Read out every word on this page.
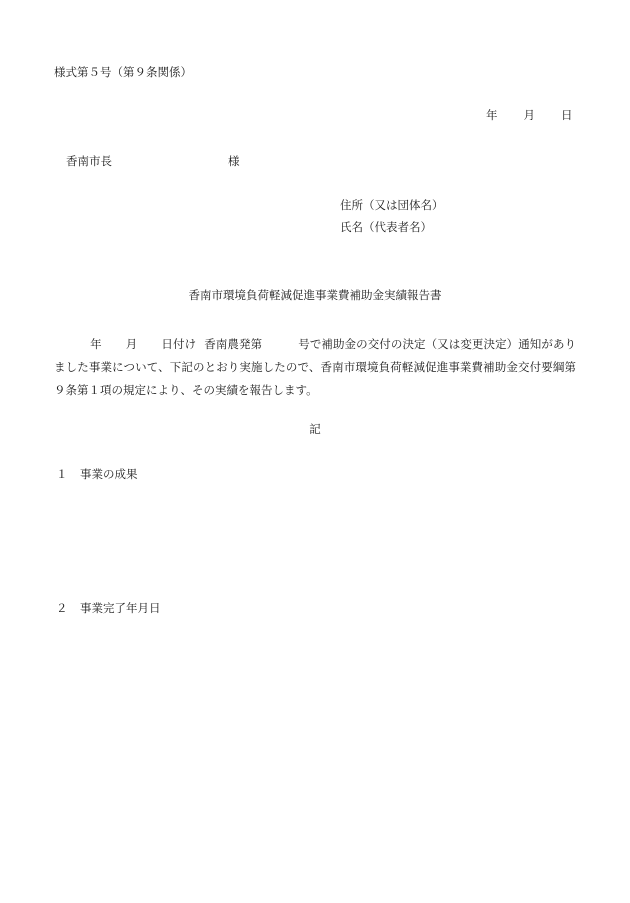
様式第５号（第９条関係）
年 月 日
香南市長	様
住所（又は団体名）
氏名（代表者名）
香南市環境負荷軽減促進事業費補助金実績報告書
年 月 日付け 香南農発第	号で補助金の交付の決定（又は変更決定）通知がありました事業について、下記のとおり実施したので、香南市環境負荷軽減促進事業費補助金交付要綱第９条第１項の規定により、その実績を報告します。
記
１ 事業の成果
２ 事業完了年月日
